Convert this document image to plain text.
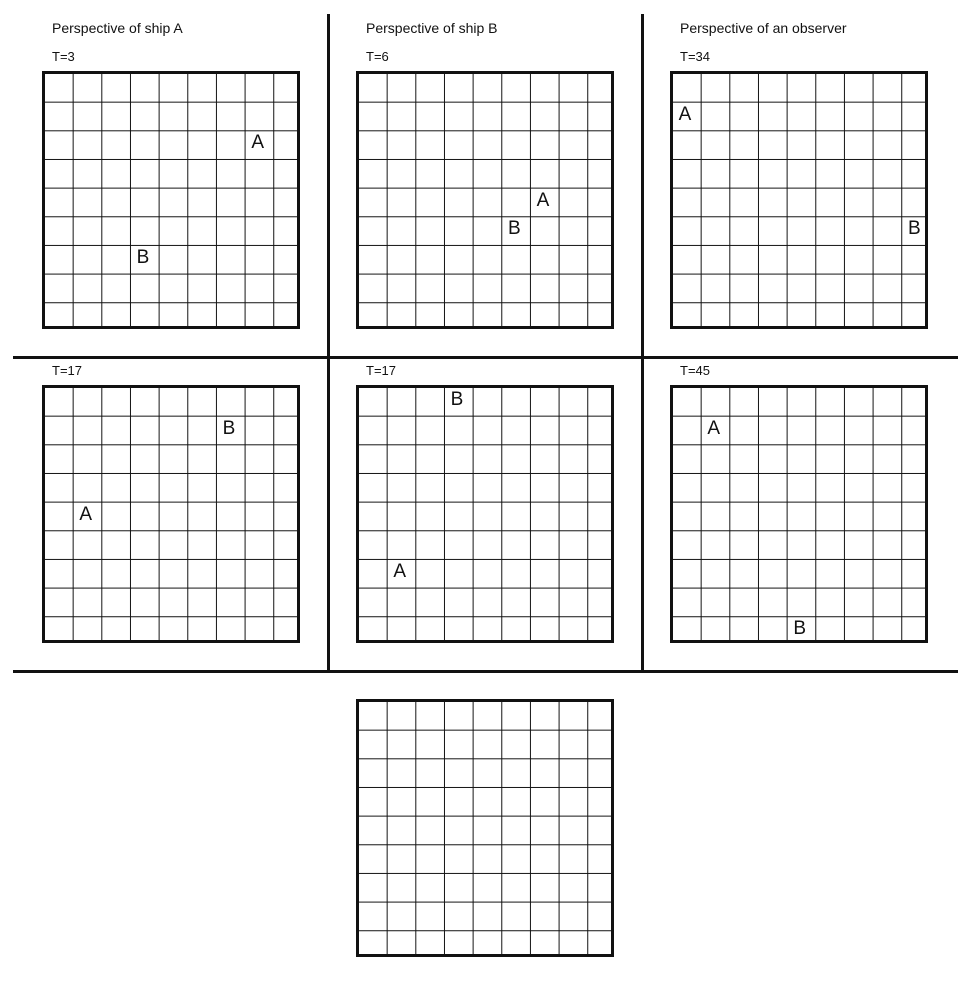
Perspective of ship A	Perspective of ship B	Perspective of an observer
T=3	T=6	T=34
T=17	T=17	T=45
A
B
A
B
A
B
B
A
B
A
A
B
